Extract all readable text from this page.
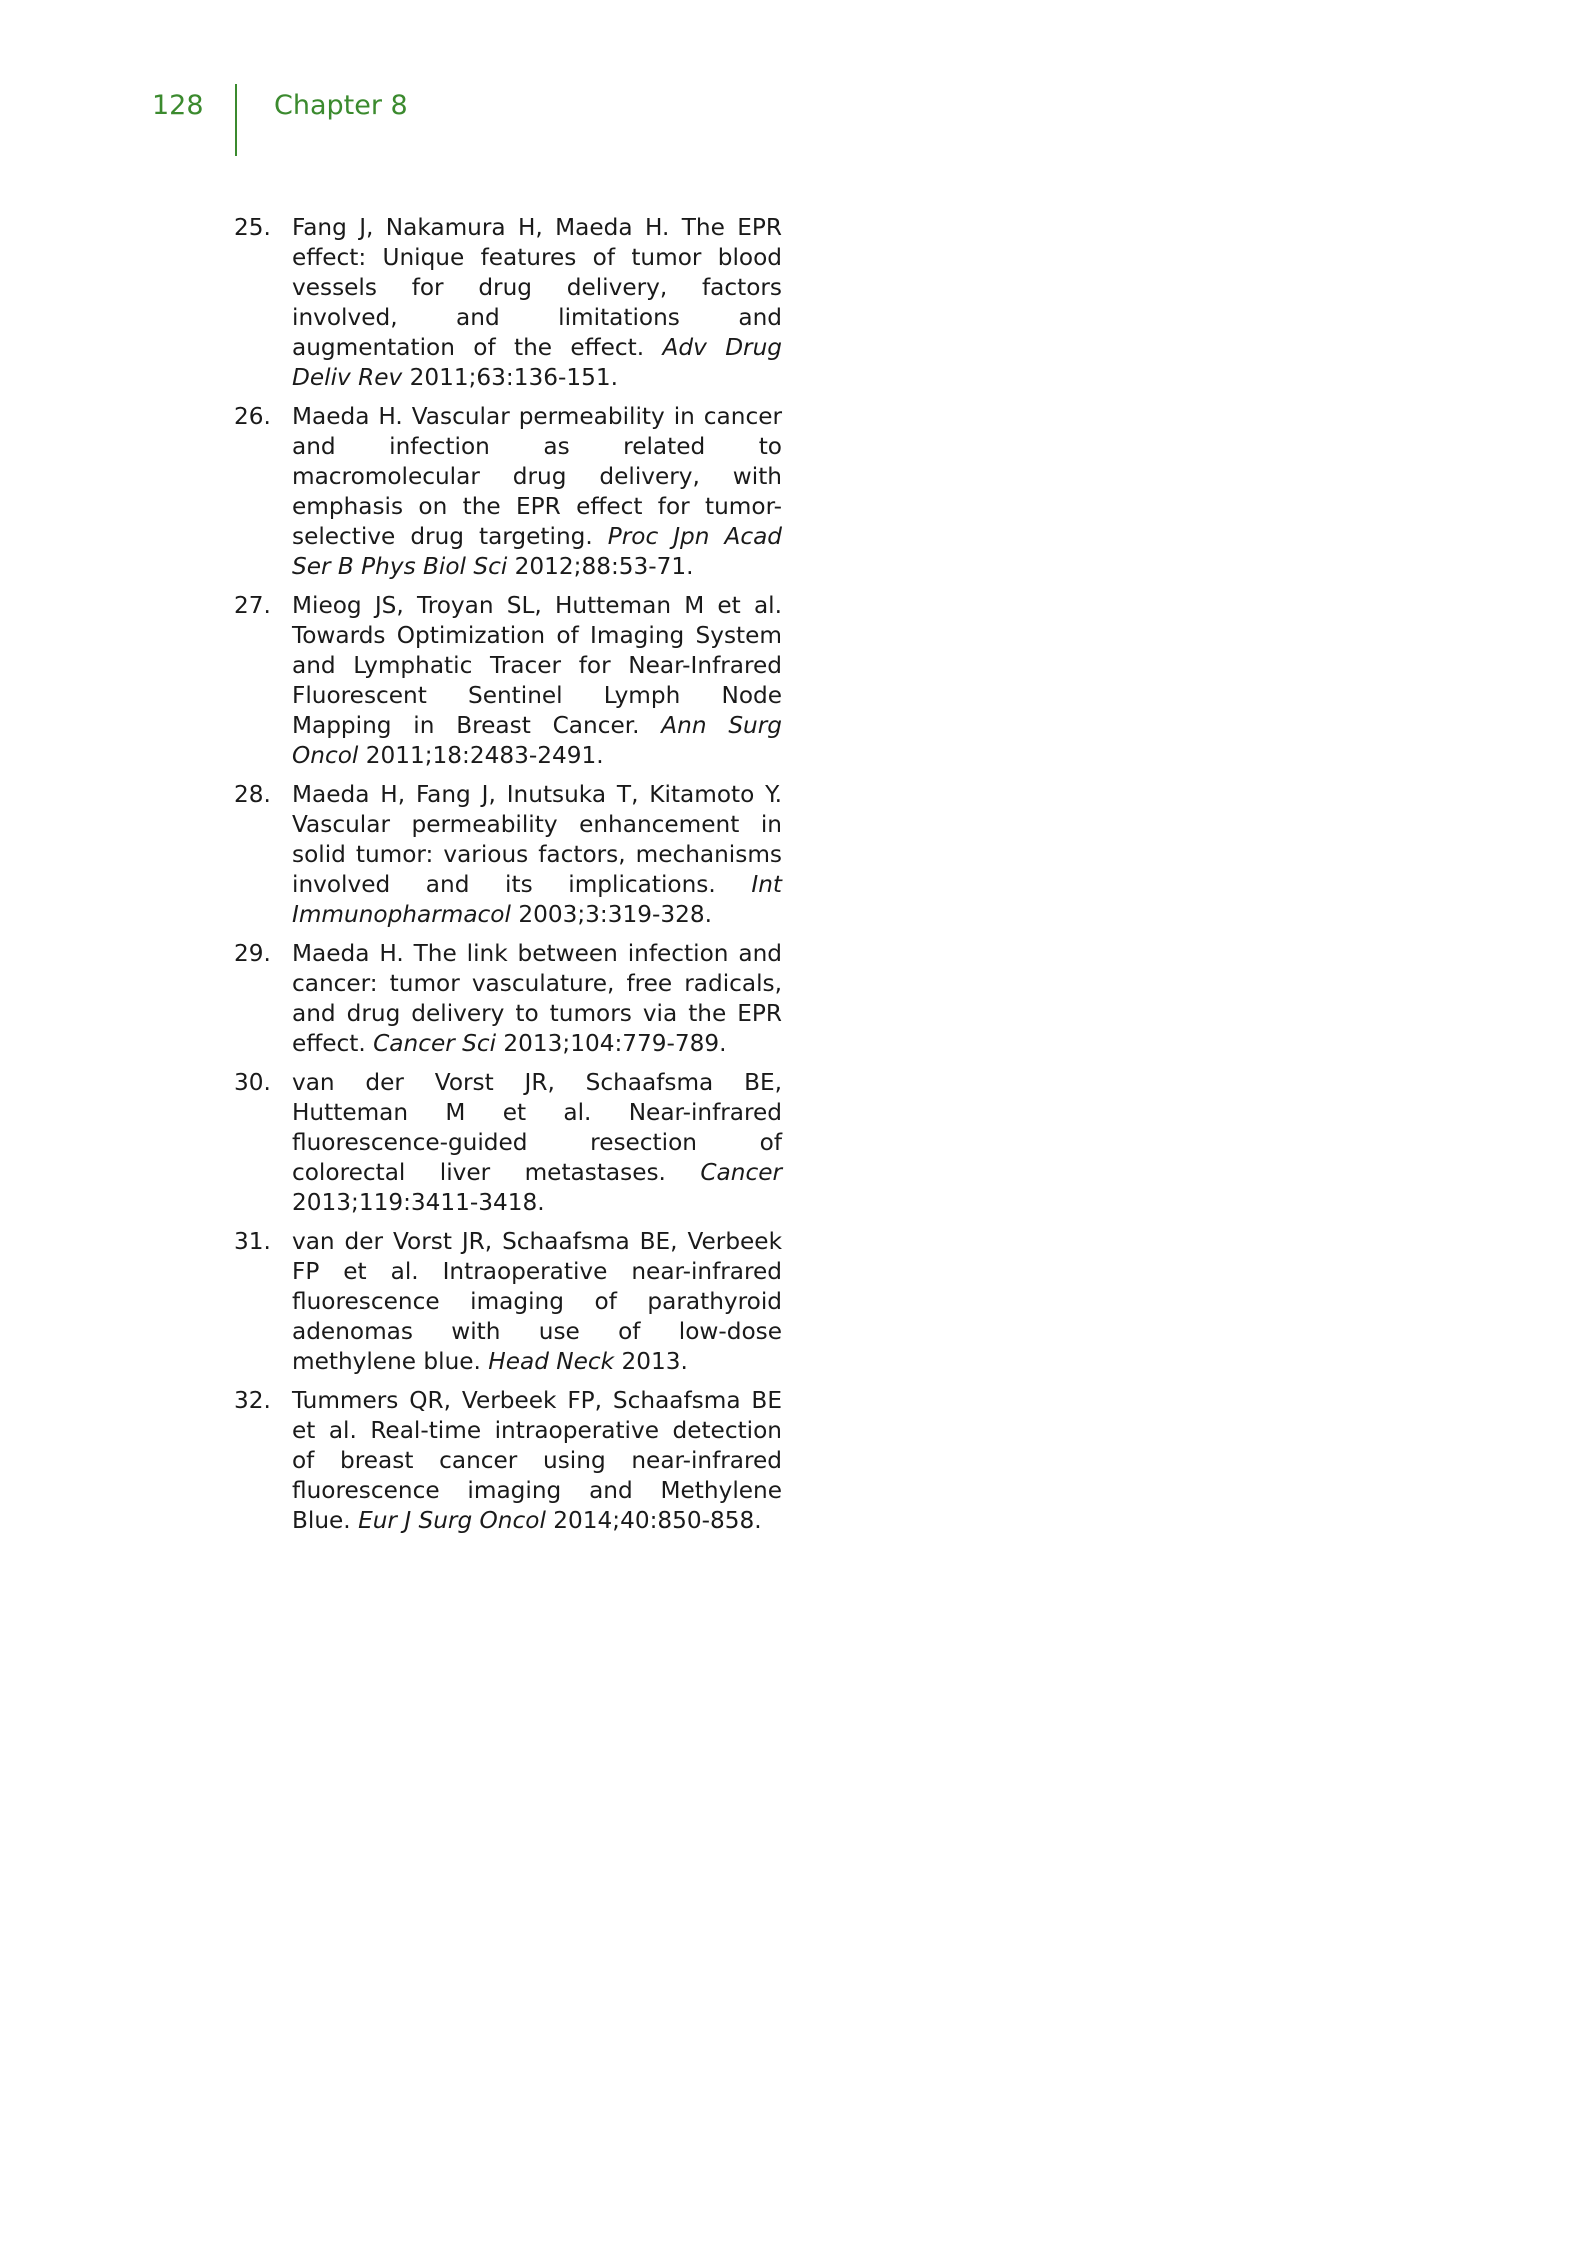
128	Chapter 8
25. Fang J, Nakamura H, Maeda H. The EPR effect: Unique features of tumor blood vessels for drug delivery, factors involved, and limitations and augmentation of the effect. Adv Drug Deliv Rev 2011;63:136-151.
26. Maeda H. Vascular permeability in cancer and infection as related to macromolecular drug delivery, with emphasis on the EPR effect for tumor-selective drug targeting. Proc Jpn Acad Ser B Phys Biol Sci 2012;88:53-71.
27. Mieog JS, Troyan SL, Hutteman M et al. Towards Optimization of Imaging System and Lymphatic Tracer for Near-Infrared Fluorescent Sentinel Lymph Node Mapping in Breast Cancer. Ann Surg Oncol 2011;18:2483-2491.
28. Maeda H, Fang J, Inutsuka T, Kitamoto Y. Vascular permeability enhancement in solid tumor: various factors, mechanisms involved and its implications. Int Immunopharmacol 2003;3:319-328.
29. Maeda H. The link between infection and cancer: tumor vasculature, free radicals, and drug delivery to tumors via the EPR effect. Cancer Sci 2013;104:779-789.
30. van der Vorst JR, Schaafsma BE, Hutteman M et al. Near-infrared fluorescence-guided resection of colorectal liver metastases. Cancer 2013;119:3411-3418.
31. van der Vorst JR, Schaafsma BE, Verbeek FP et al. Intraoperative near-infrared fluorescence imaging of parathyroid adenomas with use of low-dose methylene blue. Head Neck 2013.
32. Tummers QR, Verbeek FP, Schaafsma BE et al. Real-time intraoperative detection of breast cancer using near-infrared fluorescence imaging and Methylene Blue. Eur J Surg Oncol 2014;40:850-858.
